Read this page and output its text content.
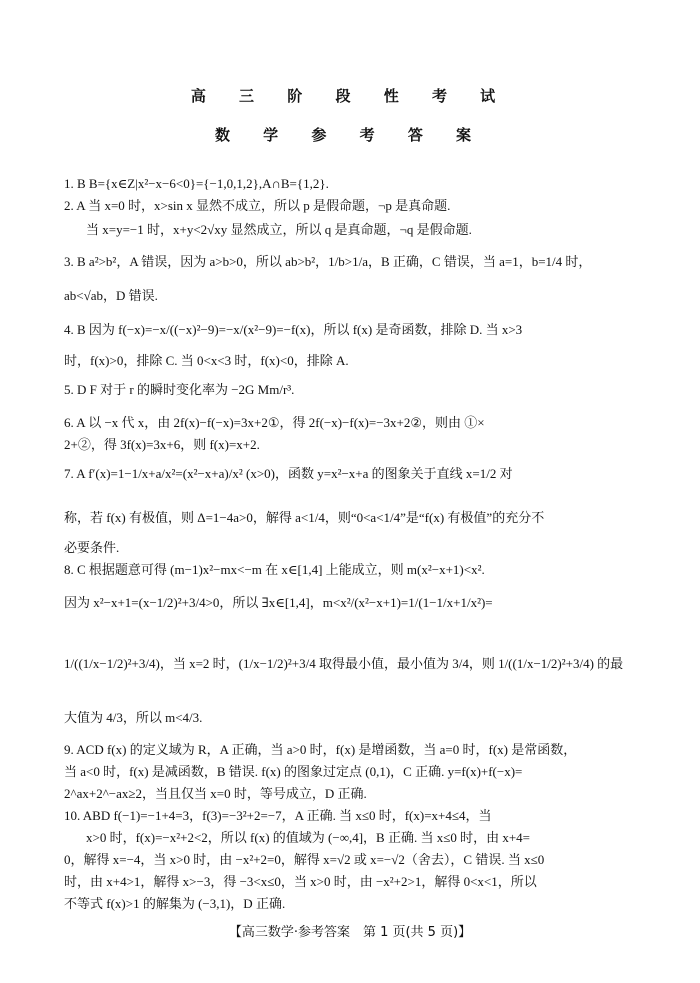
高 三 阶 段 性 考 试
数 学 参 考 答 案
1. B B={x∈Z|x²−x−6<0}={−1,0,1,2},A∩B={1,2}.
2. A 当 x=0 时，x>sin x 显然不成立，所以 p 是假命题，¬p 是真命题.
当 x=y=−1 时，x+y<2√xy 显然成立，所以 q 是真命题，¬q 是假命题.
3. B a²>b²，A 错误，因为 a>b>0，所以 ab>b²，1/b>1/a，B 正确，C 错误，当 a=1，b=1/4 时，
ab<√ab，D 错误.
4. B 因为 f(−x)=−x/((−x)²−9)=−x/(x²−9)=−f(x)，所以 f(x) 是奇函数，排除 D. 当 x>3
时，f(x)>0，排除 C. 当 0<x<3 时，f(x)<0，排除 A.
5. D F 对于 r 的瞬时变化率为 −2G Mm/r³.
6. A 以 −x 代 x，由 2f(x)−f(−x)=3x+2①，得 2f(−x)−f(x)=−3x+2②，则由 ①×
2+②，得 3f(x)=3x+6，则 f(x)=x+2.
7. A f′(x)=1−1/x+a/x²=(x²−x+a)/x² (x>0)，函数 y=x²−x+a 的图象关于直线 x=1/2 对
称，若 f(x) 有极值，则 Δ=1−4a>0，解得 a<1/4，则“0<a<1/4”是“f(x) 有极值”的充分不
必要条件.
8. C 根据题意可得 (m−1)x²−mx<−m 在 x∈[1,4] 上能成立，则 m(x²−x+1)<x².
因为 x²−x+1=(x−1/2)²+3/4>0，所以 ∃x∈[1,4]，m<x²/(x²−x+1)=1/(1−1/x+1/x²)=
1/((1/x−1/2)²+3/4)，当 x=2 时，(1/x−1/2)²+3/4 取得最小值，最小值为 3/4，则 1/((1/x−1/2)²+3/4) 的最
大值为 4/3，所以 m<4/3.
9. ACD f(x) 的定义域为 R，A 正确，当 a>0 时，f(x) 是增函数，当 a=0 时，f(x) 是常函数，
当 a<0 时，f(x) 是减函数，B 错误. f(x) 的图象过定点 (0,1)，C 正确. y=f(x)+f(−x)=
2^ax+2^−ax≥2，当且仅当 x=0 时，等号成立，D 正确.
10. ABD f(−1)=−1+4=3，f(3)=−3²+2=−7，A 正确. 当 x≤0 时，f(x)=x+4≤4，当
x>0 时，f(x)=−x²+2<2，所以 f(x) 的值域为 (−∞,4]，B 正确. 当 x≤0 时，由 x+4=
0，解得 x=−4，当 x>0 时，由 −x²+2=0，解得 x=√2 或 x=−√2（舍去），C 错误. 当 x≤0
时，由 x+4>1，解得 x>−3，得 −3<x≤0，当 x>0 时，由 −x²+2>1，解得 0<x<1，所以
不等式 f(x)>1 的解集为 (−3,1)，D 正确.
【高三数学·参考答案　第 1 页(共 5 页)】
